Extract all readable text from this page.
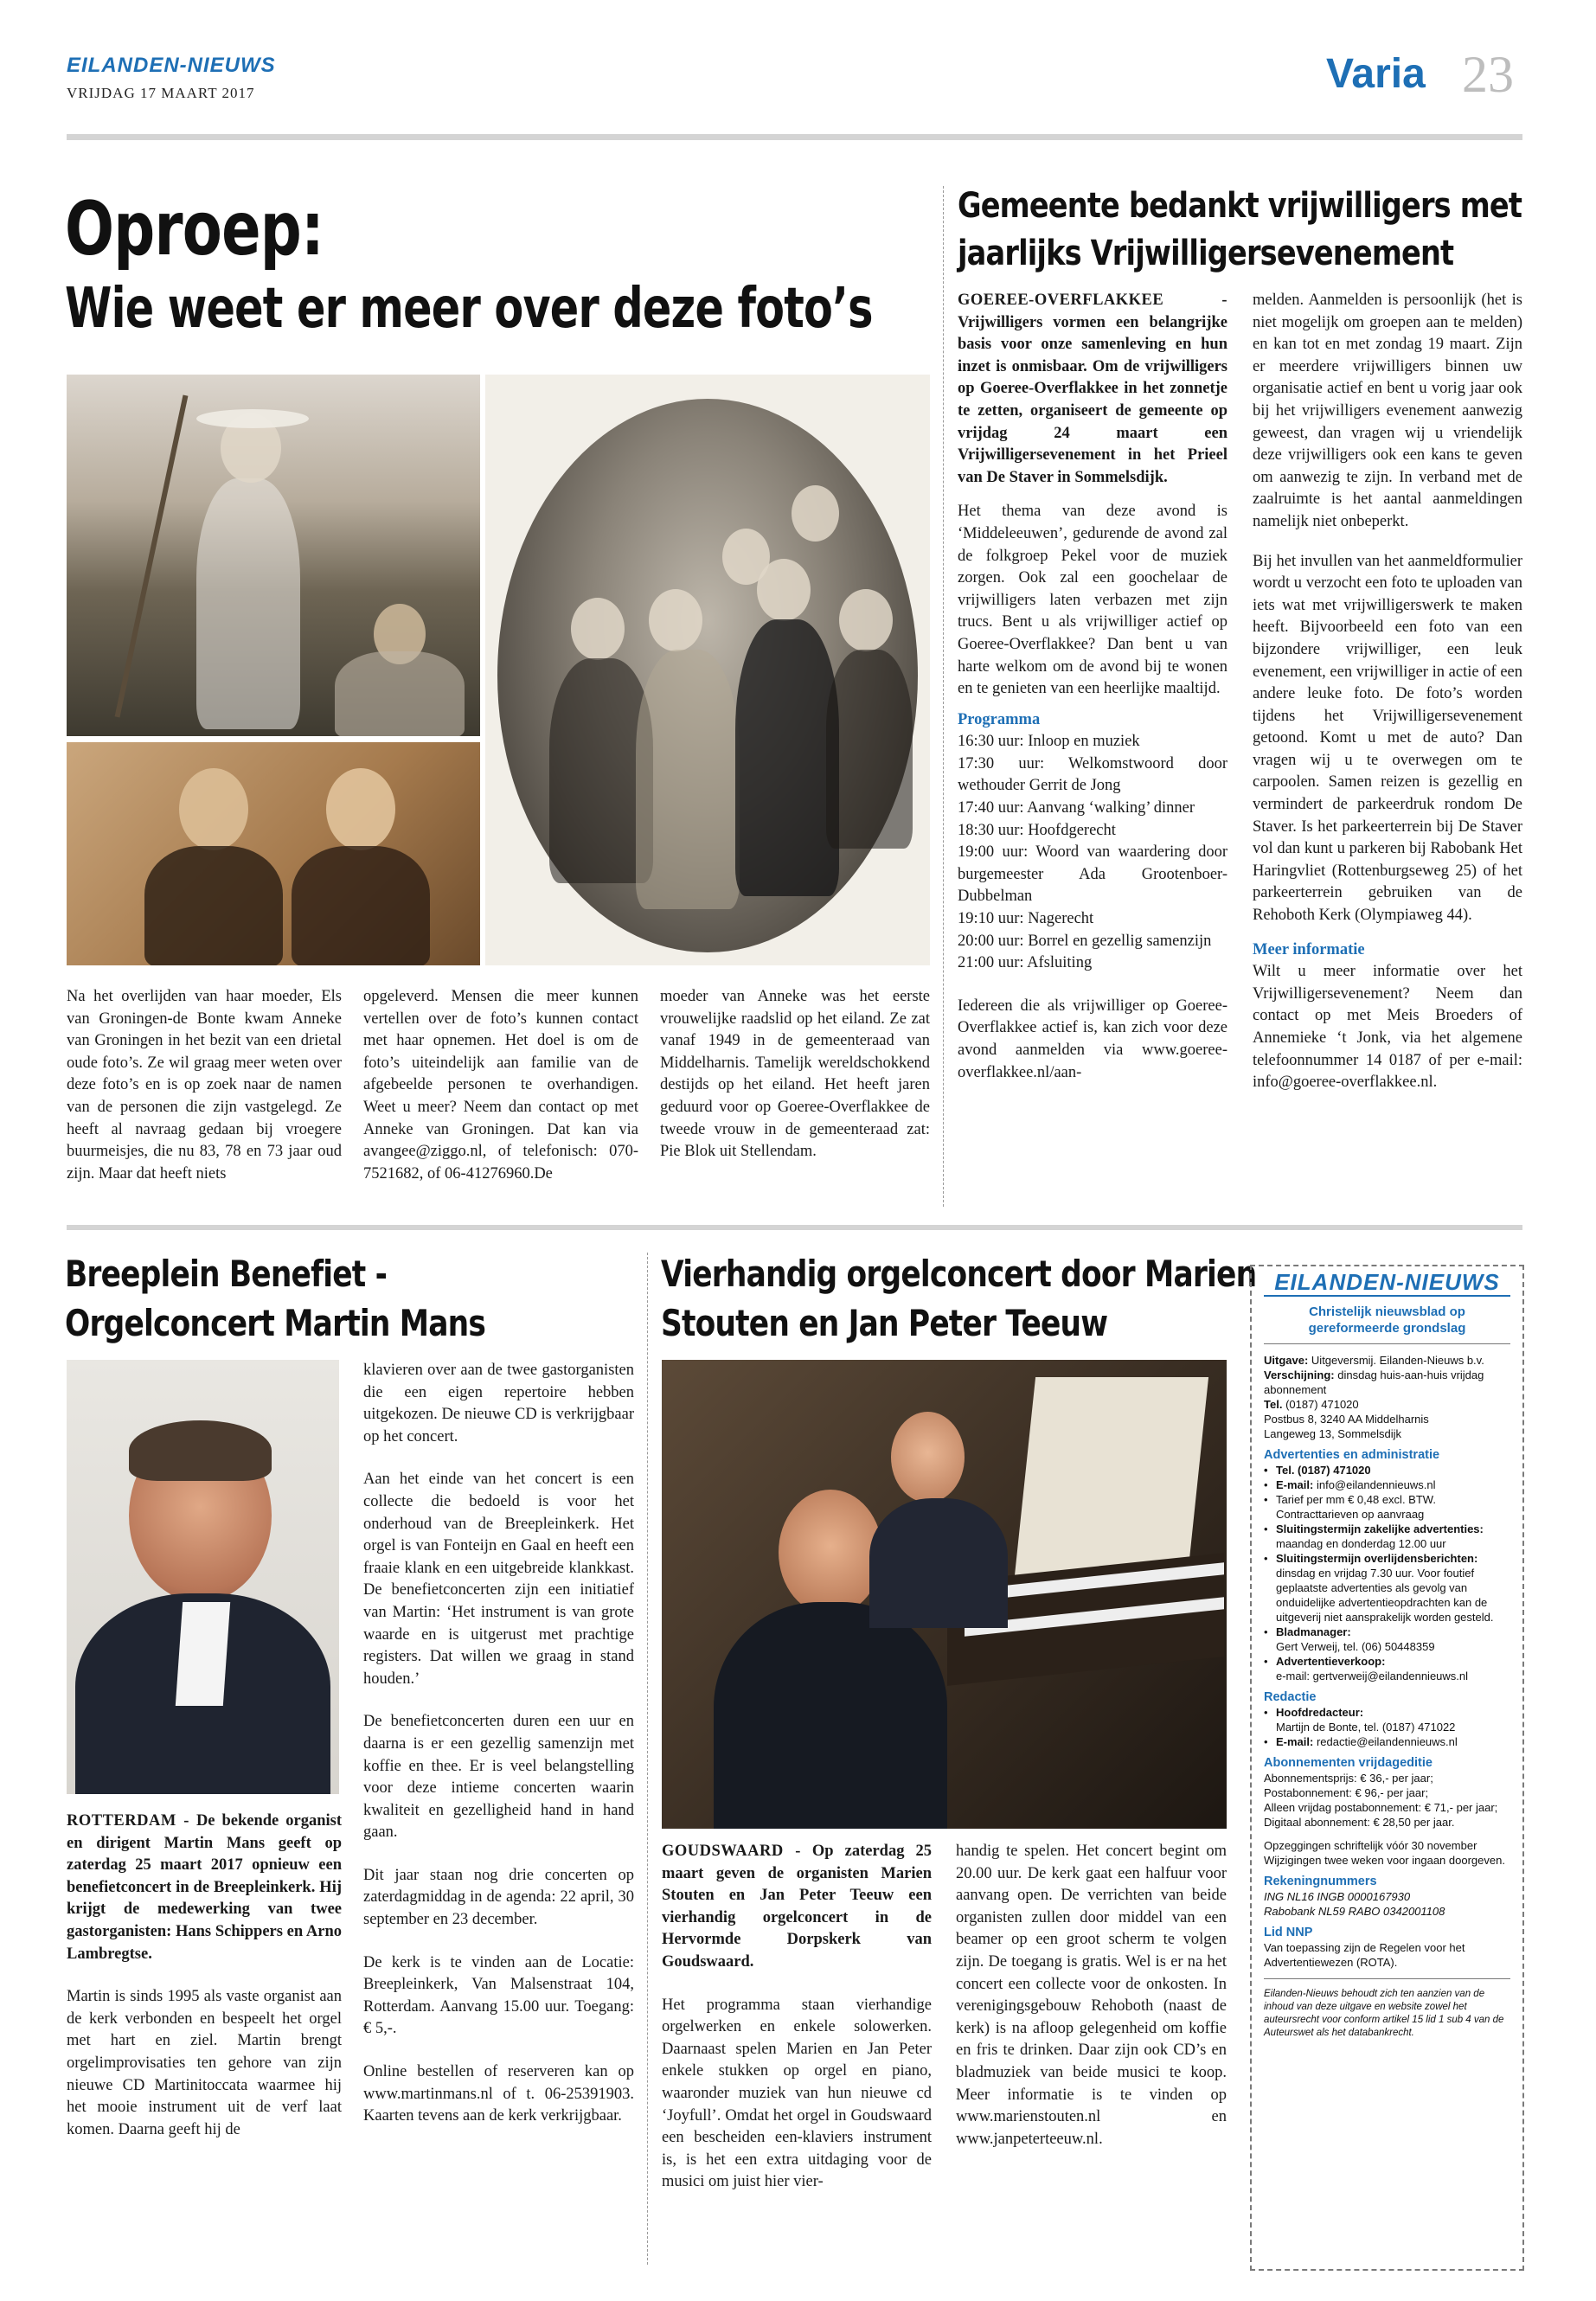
EILANDEN-NIEUWS
VRIJDAG 17 MAART 2017	Varia 23
Oproep:
Wie weet er meer over deze foto’s
Na het overlijden van haar moeder, Els van Groningen-de Bonte kwam Anneke van Groningen in het bezit van een drietal oude foto’s. Ze wil graag meer weten over deze foto’s en is op zoek naar de namen van de personen die zijn vastgelegd. Ze heeft al navraag gedaan bij vroegere buurmeisjes, die nu 83, 78 en 73 jaar oud zijn. Maar dat heeft niets
opgeleverd. Mensen die meer kunnen vertellen over de foto’s kunnen contact met haar opnemen. Het doel is om de foto’s uiteindelijk aan familie van de afgebeelde personen te overhandigen. Weet u meer? Neem dan contact op met Anneke van Groningen. Dat kan via avangee@ziggo.nl, of telefonisch: 070-7521682, of 06-41276960.De
moeder van Anneke was het eerste vrouwelijke raadslid op het eiland. Ze zat vanaf 1949 in de gemeenteraad van Middelharnis. Tamelijk wereldschokkend destijds op het eiland. Het heeft jaren geduurd voor op Goeree-Overflakkee de tweede vrouw in de gemeenteraad zat: Pie Blok uit Stellendam.
Gemeente bedankt vrijwilligers met
jaarlijks Vrijwilligersevenement

GOEREE-OVERFLAKKEE - Vrijwilligers vormen een belangrijke basis voor onze samenleving en hun inzet is onmisbaar. Om de vrijwilligers op Goeree-Overflakkee in het zonnetje te zetten, organiseert de gemeente op vrijdag 24 maart een Vrijwilligersevenement in het Prieel van De Staver in Sommelsdijk.

Het thema van deze avond is ‘Middeleeuwen’, gedurende de avond zal de folkgroep Pekel voor de muziek zorgen. Ook zal een goochelaar de vrijwilligers laten verbazen met zijn trucs. Bent u als vrijwilliger actief op Goeree-Overflakkee? Dan bent u van harte welkom om de avond bij te wonen en te genieten van een heerlijke maaltijd.

Programma
16:30 uur: Inloop en muziek
17:30 uur: Welkomstwoord door wethouder Gerrit de Jong
17:40 uur: Aanvang ‘walking’ dinner
18:30 uur: Hoofdgerecht
19:00 uur: Woord van waardering door burgemeester Ada Grootenboer-Dubbelman
19:10 uur: Nagerecht
20:00 uur: Borrel en gezellig samenzijn
21:00 uur: Afsluiting

Iedereen die als vrijwilliger op Goeree-Overflakkee actief is, kan zich voor deze avond aanmelden via www.goeree-overflakkee.nl/aan-

melden. Aanmelden is persoonlijk (het is niet mogelijk om groepen aan te melden) en kan tot en met zondag 19 maart. Zijn er meerdere vrijwilligers binnen uw organisatie actief en bent u vorig jaar ook bij het vrijwilligers evenement aanwezig geweest, dan vragen wij u vriendelijk deze vrijwilligers ook een kans te geven om aanwezig te zijn. In verband met de zaalruimte is het aantal aanmeldingen namelijk niet onbeperkt.

Bij het invullen van het aanmeldformulier wordt u verzocht een foto te uploaden van iets wat met vrijwilligerswerk te maken heeft. Bijvoorbeeld een foto van een bijzondere vrijwilliger, een leuk evenement, een vrijwilliger in actie of een andere leuke foto. De foto’s worden tijdens het Vrijwilligersevenement getoond. Komt u met de auto? Dan vragen wij u te overwegen om te carpoolen. Samen reizen is gezellig en vermindert de parkeerdruk rondom De Staver. Is het parkeerterrein bij De Staver vol dan kunt u parkeren bij Rabobank Het Haringvliet (Rottenburgseweg 25) of het parkeerterrein gebruiken van de Rehoboth Kerk (Olympiaweg 44).

Meer informatie

Wilt u meer informatie over het Vrijwilligersevenement? Neem dan contact op met Meis Broeders of Annemieke ‘t Jonk, via het algemene telefoonnummer 14 0187 of per e-mail: info@goeree-overflakkee.nl.

Breeplein Benefiet -
Orgelconcert Martin Mans

ROTTERDAM - De bekende organist en dirigent Martin Mans geeft op zaterdag 25 maart 2017 opnieuw een benefietconcert in de Breepleinkerk. Hij krijgt de medewerking van twee gastorganisten: Hans Schippers en Arno Lambregtse.

Martin is sinds 1995 als vaste organist aan de kerk verbonden en bespeelt het orgel met hart en ziel. Martin brengt orgelimprovisaties ten gehore van zijn nieuwe CD Martinitoccata waarmee hij het mooie instrument uit de verf laat komen. Daarna geeft hij de

klavieren over aan de twee gastorganisten die een eigen repertoire hebben uitgekozen. De nieuwe CD is verkrijgbaar op het concert.

Aan het einde van het concert is een collecte die bedoeld is voor het onderhoud van de Breepleinkerk. Het orgel is van Fonteijn en Gaal en heeft een fraaie klank en een uitgebreide klankkast. De benefietconcerten zijn een initiatief van Martin: ‘Het instrument is van grote waarde en is uitgerust met prachtige registers. Dat willen we graag in stand houden.’

De benefietconcerten duren een uur en daarna is er een gezellig samenzijn met koffie en thee. Er is veel belangstelling voor deze intieme concerten waarin kwaliteit en gezelligheid hand in hand gaan.

Dit jaar staan nog drie concerten op zaterdagmiddag in de agenda: 22 april, 30 september en 23 december.

De kerk is te vinden aan de Locatie: Breepleinkerk, Van Malsenstraat 104, Rotterdam. Aanvang 15.00 uur. Toegang: € 5,-.

Online bestellen of reserveren kan op www.martinmans.nl of t. 06-25391903. Kaarten tevens aan de kerk verkrijgbaar.

Vierhandig orgelconcert door Marien
Stouten en Jan Peter Teeuw

GOUDSWAARD - Op zaterdag 25 maart geven de organisten Marien Stouten en Jan Peter Teeuw een vierhandig orgelconcert in de Hervormde Dorpskerk van Goudswaard.

Het programma staan vierhandige orgelwerken en enkele solowerken. Daarnaast spelen Marien en Jan Peter enkele stukken op orgel en piano, waaronder muziek van hun nieuwe cd ‘Joyfull’. Omdat het orgel in Goudswaard een bescheiden een-klaviers instrument is, is het een extra uitdaging voor de musici om juist hier vier-

handig te spelen. Het concert begint om 20.00 uur. De kerk gaat een halfuur voor aanvang open. De verrichten van beide organisten zullen door middel van een beamer op een groot scherm te volgen zijn. De toegang is gratis. Wel is er na het concert een collecte voor de onkosten. In verenigingsgebouw Rehoboth (naast de kerk) is na afloop gelegenheid om koffie en fris te drinken. Daar zijn ook CD’s en bladmuziek van beide musici te koop. Meer informatie is te vinden op www.marienstouten.nl en www.janpeterteeuw.nl.

EILANDEN-NIEUWS
Christelijk nieuwsblad op
gereformeerde grondslag
Uitgave: Uitgeversmij. Eilanden-Nieuws b.v.
Verschijning: dinsdag huis-aan-huis vrijdag abonnement
Tel. (0187) 471020
Postbus 8, 3240 AA Middelharnis
Langeweg 13, Sommelsdijk
Advertenties en administratie
• Tel. (0187) 471020
• E-mail: info@eilandennieuws.nl
• Tarief per mm € 0,48 excl. BTW. Contracttarieven op aanvraag
• Sluitingstermijn zakelijke advertenties:
maandag en donderdag 12.00 uur
• Sluitingstermijn overlijdensberichten:
dinsdag en vrijdag 7.30 uur. Voor foutief geplaatste advertenties als gevolg van onduidelijke advertentieopdrachten kan de uitgeverij niet aansprakelijk worden gesteld.
• Bladmanager:
Gert Verweij, tel. (06) 50448359
• Advertentieverkoop:
e-mail: gertverweij@eilandennieuws.nl
Redactie
• Hoofdredacteur:
Martijn de Bonte, tel. (0187) 471022
• E-mail: redactie@eilandennieuws.nl
Abonnementen vrijdageditie
Abonnementsprijs: € 36,- per jaar;
Postabonnement: € 96,- per jaar;
Alleen vrijdag postabonnement: € 71,- per jaar;
Digitaal abonnement: € 28,50 per jaar.
Opzeggingen schriftelijk vóór 30 november Wijzigingen twee weken voor ingaan doorgeven.
Rekeningnummers
ING NL16 INGB 0000167930
Rabobank NL59 RABO 0342001108
Lid NNP
Van toepassing zijn de Regelen voor het Advertentiewezen (ROTA).
Eilanden-Nieuws behoudt zich ten aanzien van de inhoud van deze uitgave en website zowel het auteursrecht voor conform artikel 15 lid 1 sub 4 van de Auteurswet als het databankrecht.
